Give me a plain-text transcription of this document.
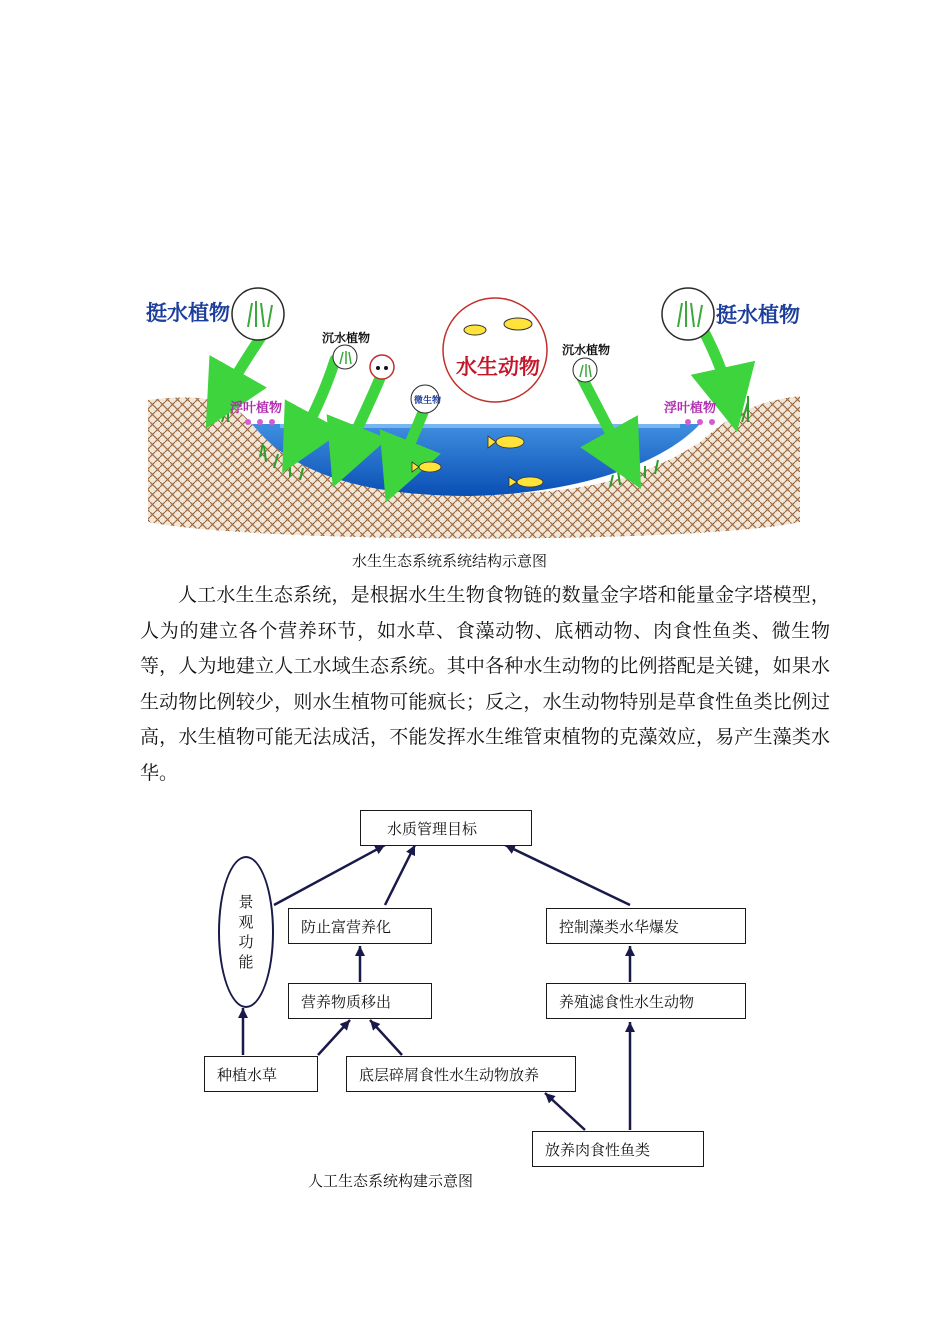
挺水植物	挺水植物
沉水植物
沉水植物
水生动物
微生物
浮叶植物	浮叶植物
水生生态系统系统结构示意图

人工水生生态系统，是根据水生生物食物链的数量金字塔和能量金字塔模型，人为的建立各个营养环节，如水草、食藻动物、底栖动物、肉食性鱼类、微生物等，人为地建立人工水域生态系统。其中各种水生动物的比例搭配是关键，如果水生动物比例较少，则水生植物可能疯长；反之，水生动物特别是草食性鱼类比例过高，水生植物可能无法成活，不能发挥水生维管束植物的克藻效应，易产生藻类水华。

水质管理目标
景
观
功
能
防止富营养化	控制藻类水华爆发
营养物质移出	养殖滤食性水生动物
种植水草	底层碎屑食性水生动物放养
放养肉食性鱼类
人工生态系统构建示意图
